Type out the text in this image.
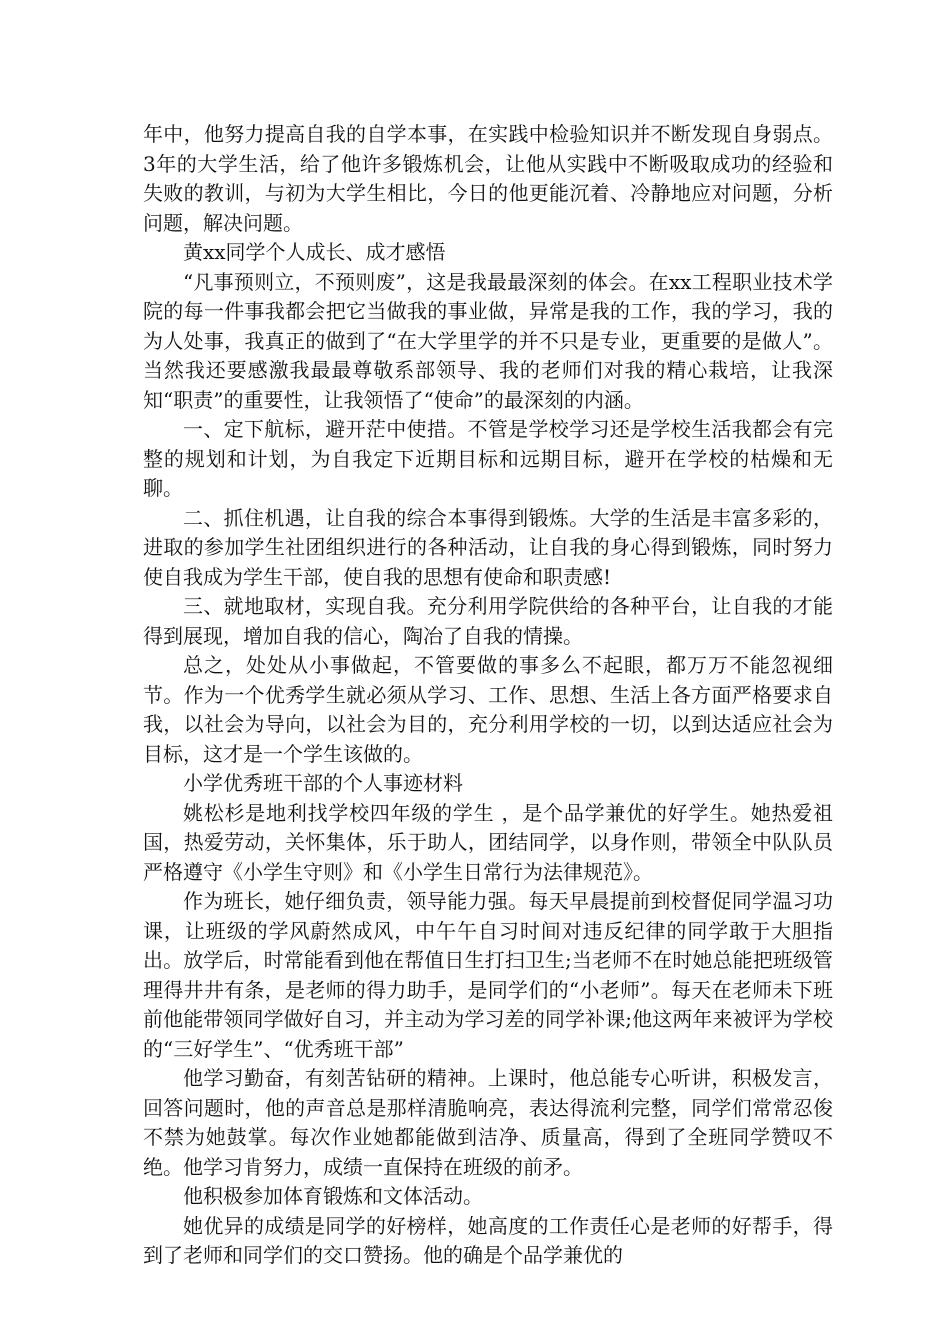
年中，他努力提高自我的自学本事，在实践中检验知识并不断发现自身弱点。3年的大学生活，给了他许多锻炼机会，让他从实践中不断吸取成功的经验和失败的教训，与初为大学生相比，今日的他更能沉着、冷静地应对问题，分析问题，解决问题。

黄xx同学个人成长、成才感悟

“凡事预则立，不预则废”，这是我最最深刻的体会。在xx工程职业技术学院的每一件事我都会把它当做我的事业做，异常是我的工作，我的学习，我的为人处事，我真正的做到了“在大学里学的并不只是专业，更重要的是做人”。当然我还要感激我最最尊敬系部领导、我的老师们对我的精心栽培，让我深知“职责”的重要性，让我领悟了“使命”的最深刻的内涵。

一、定下航标，避开茫中使措。不管是学校学习还是学校生活我都会有完整的规划和计划，为自我定下近期目标和远期目标，避开在学校的枯燥和无聊。

二、抓住机遇，让自我的综合本事得到锻炼。大学的生活是丰富多彩的，进取的参加学生社团组织进行的各种活动，让自我的身心得到锻炼，同时努力使自我成为学生干部，使自我的思想有使命和职责感!

三、就地取材，实现自我。充分利用学院供给的各种平台，让自我的才能得到展现，增加自我的信心，陶冶了自我的情操。

总之，处处从小事做起，不管要做的事多么不起眼，都万万不能忽视细节。作为一个优秀学生就必须从学习、工作、思想、生活上各方面严格要求自我，以社会为导向，以社会为目的，充分利用学校的一切，以到达适应社会为目标，这才是一个学生该做的。

小学优秀班干部的个人事迹材料

姚松杉是地利找学校四年级的学生 ，是个品学兼优的好学生。她热爱祖国，热爱劳动，关怀集体，乐于助人，团结同学，以身作则，带领全中队队员严格遵守《小学生守则》和《小学生日常行为法律规范》。

作为班长，她仔细负责，领导能力强。每天早晨提前到校督促同学温习功课，让班级的学风蔚然成风，中午午自习时间对违反纪律的同学敢于大胆指出。放学后，时常能看到他在帮值日生打扫卫生;当老师不在时她总能把班级管理得井井有条，是老师的得力助手，是同学们的“小老师”。每天在老师未下班前他能带领同学做好自习，并主动为学习差的同学补课;他这两年来被评为学校的“三好学生”、“优秀班干部”

他学习勤奋，有刻苦钻研的精神。上课时，他总能专心听讲，积极发言，回答问题时，他的声音总是那样清脆响亮，表达得流利完整，同学们常常忍俊不禁为她鼓掌。每次作业她都能做到洁净、质量高，得到了全班同学赞叹不绝。他学习肯努力，成绩一直保持在班级的前矛。

他积极参加体育锻炼和文体活动。

她优异的成绩是同学的好榜样，她高度的工作责任心是老师的好帮手，得到了老师和同学们的交口赞扬。他的确是个品学兼优的
